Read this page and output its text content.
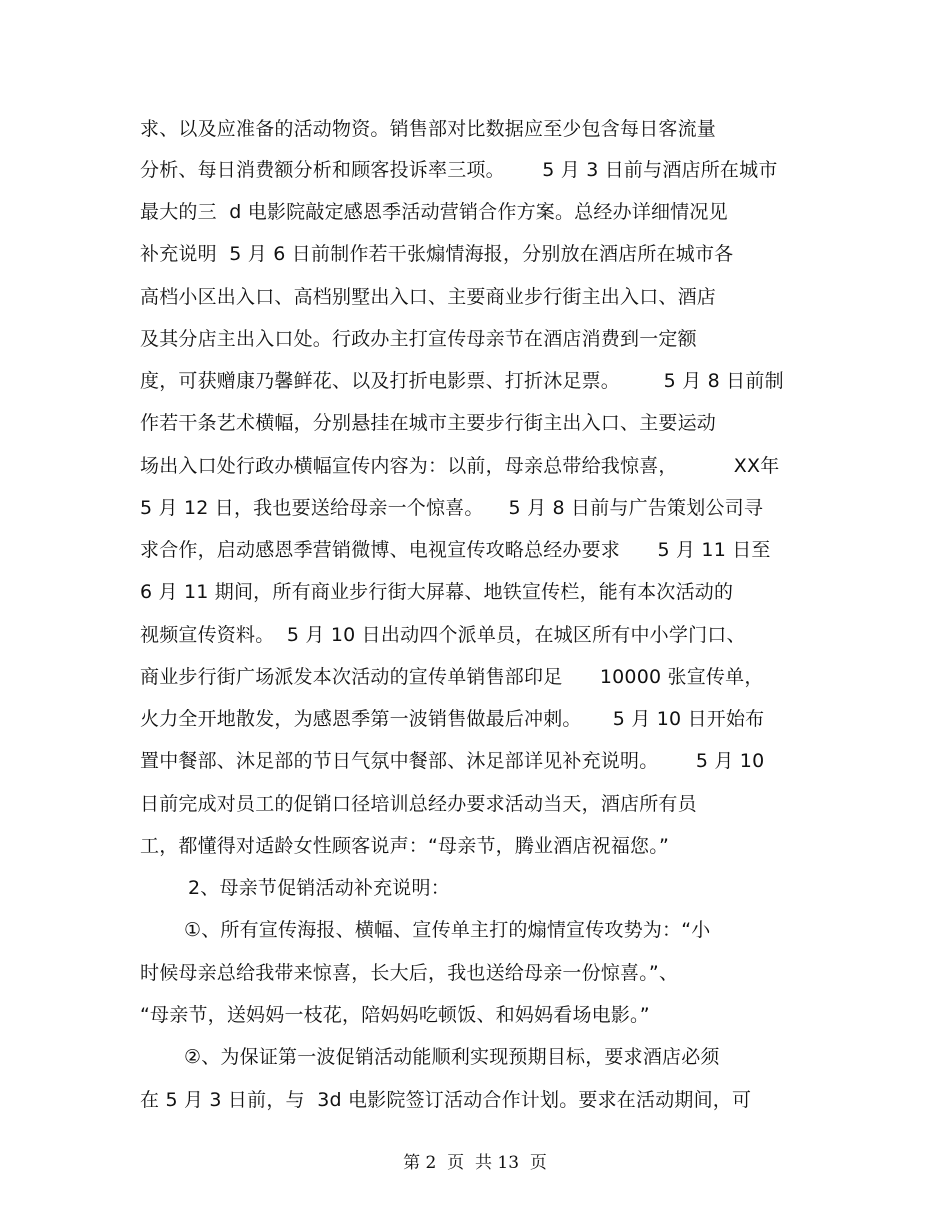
求、以及应准备的活动物资。销售部对比数据应至少包含每日客流量
分析、每日消费额分析和顾客投诉率三项。      5 月 3 日前与酒店所在城市
最大的三  d 电影院敲定感恩季活动营销合作方案。总经办详细情况见
补充说明  5 月 6 日前制作若干张煽情海报，分别放在酒店所在城市各
高档小区出入口、高档别墅出入口、主要商业步行街主出入口、酒店
及其分店主出入口处。行政办主打宣传母亲节在酒店消费到一定额
度，可获赠康乃馨鲜花、以及打折电影票、打折沐足票。       5 月 8 日前制
作若干条艺术横幅，分别悬挂在城市主要步行街主出入口、主要运动
场出入口处行政办横幅宣传内容为：以前，母亲总带给我惊喜，         XX年
5 月 12 日，我也要送给母亲一个惊喜。    5 月 8 日前与广告策划公司寻
求合作，启动感恩季营销微博、电视宣传攻略总经办要求      5 月 11 日至
6 月 11 期间，所有商业步行街大屏幕、地铁宣传栏，能有本次活动的
视频宣传资料。  5 月 10 日出动四个派单员，在城区所有中小学门口、
商业步行街广场派发本次活动的宣传单销售部印足      10000 张宣传单，
火力全开地散发，为感恩季第一波销售做最后冲刺。     5 月 10 日开始布
置中餐部、沐足部的节日气氛中餐部、沐足部详见补充说明。      5 月 10
日前完成对员工的促销口径培训总经办要求活动当天，酒店所有员
工，都懂得对适龄女性顾客说声：“母亲节，腾业酒店祝福您。”
2、母亲节促销活动补充说明：
①、所有宣传海报、横幅、宣传单主打的煽情宣传攻势为：“小
时候母亲总给我带来惊喜，长大后，我也送给母亲一份惊喜。”、
“母亲节，送妈妈一枝花，陪妈妈吃顿饭、和妈妈看场电影。”
②、为保证第一波促销活动能顺利实现预期目标，要求酒店必须
在 5 月 3 日前，与  3d 电影院签订活动合作计划。要求在活动期间，可
第 2  页  共 13  页
